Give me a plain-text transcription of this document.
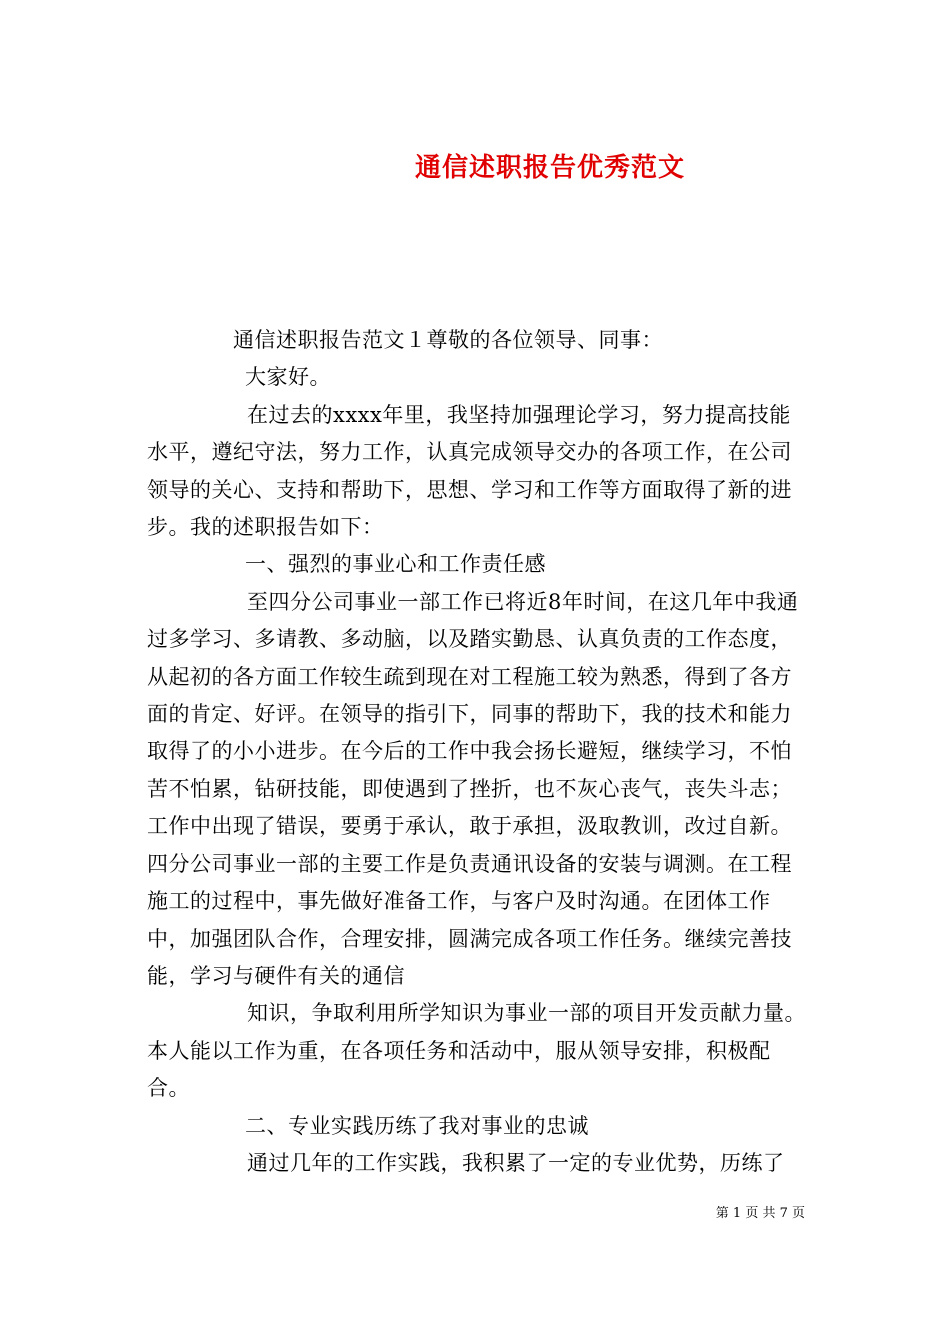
通信述职报告优秀范文

通信述职报告范文１尊敬的各位领导、同事：

大家好。

在过去的xxxx年里，我坚持加强理论学习，努力提高技能水平，遵纪守法，努力工作，认真完成领导交办的各项工作，在公司领导的关心、支持和帮助下，思想、学习和工作等方面取得了新的进步。我的述职报告如下：

一、强烈的事业心和工作责任感

至四分公司事业一部工作已将近8年时间，在这几年中我通过多学习、多请教、多动脑，以及踏实勤恳、认真负责的工作态度，从起初的各方面工作较生疏到现在对工程施工较为熟悉，得到了各方面的肯定、好评。在领导的指引下，同事的帮助下，我的技术和能力取得了的小小进步。在今后的工作中我会扬长避短，继续学习，不怕苦不怕累，钻研技能，即使遇到了挫折，也不灰心丧气，丧失斗志；工作中出现了错误，要勇于承认，敢于承担，汲取教训，改过自新。四分公司事业一部的主要工作是负责通讯设备的安装与调测。在工程施工的过程中，事先做好准备工作，与客户及时沟通。在团体工作中，加强团队合作，合理安排，圆满完成各项工作任务。继续完善技能，学习与硬件有关的通信

知识，争取利用所学知识为事业一部的项目开发贡献力量。本人能以工作为重，在各项任务和活动中，服从领导安排，积极配合。

二、专业实践历练了我对事业的忠诚

通过几年的工作实践，我积累了一定的专业优势，历练了

第 1 页 共 7 页
